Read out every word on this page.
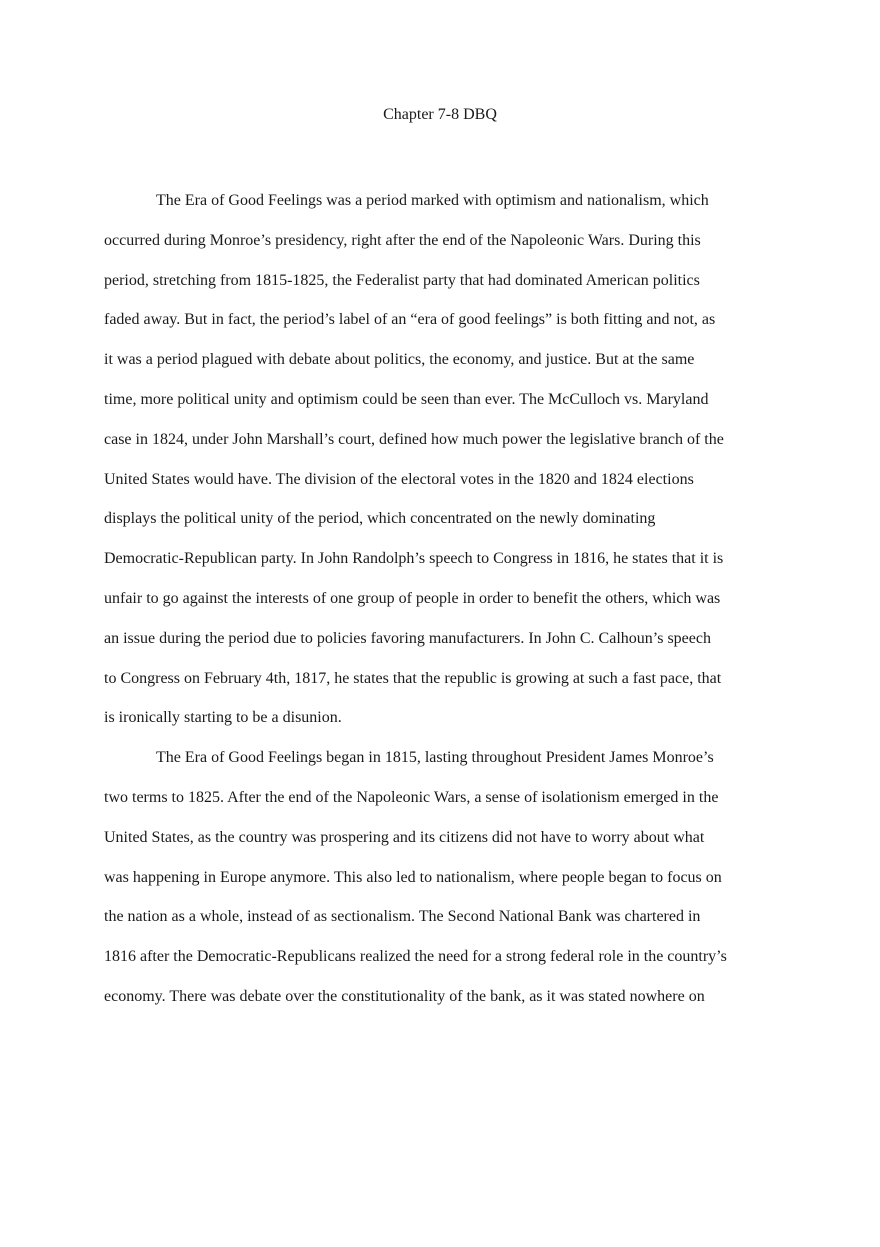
Chapter 7-8 DBQ

The Era of Good Feelings was a period marked with optimism and nationalism, which
occurred during Monroe’s presidency, right after the end of the Napoleonic Wars. During this
period, stretching from 1815-1825, the Federalist party that had dominated American politics
faded away. But in fact, the period’s label of an “era of good feelings” is both fitting and not, as
it was a period plagued with debate about politics, the economy, and justice. But at the same
time, more political unity and optimism could be seen than ever. The McCulloch vs. Maryland
case in 1824, under John Marshall’s court, defined how much power the legislative branch of the
United States would have. The division of the electoral votes in the 1820 and 1824 elections
displays the political unity of the period, which concentrated on the newly dominating
Democratic-Republican party. In John Randolph’s speech to Congress in 1816, he states that it is
unfair to go against the interests of one group of people in order to benefit the others, which was
an issue during the period due to policies favoring manufacturers. In John C. Calhoun’s speech
to Congress on February 4th, 1817, he states that the republic is growing at such a fast pace, that
is ironically starting to be a disunion.

The Era of Good Feelings began in 1815, lasting throughout President James Monroe’s
two terms to 1825. After the end of the Napoleonic Wars, a sense of isolationism emerged in the
United States, as the country was prospering and its citizens did not have to worry about what
was happening in Europe anymore. This also led to nationalism, where people began to focus on
the nation as a whole, instead of as sectionalism. The Second National Bank was chartered in
1816 after the Democratic-Republicans realized the need for a strong federal role in the country’s
economy. There was debate over the constitutionality of the bank, as it was stated nowhere on
